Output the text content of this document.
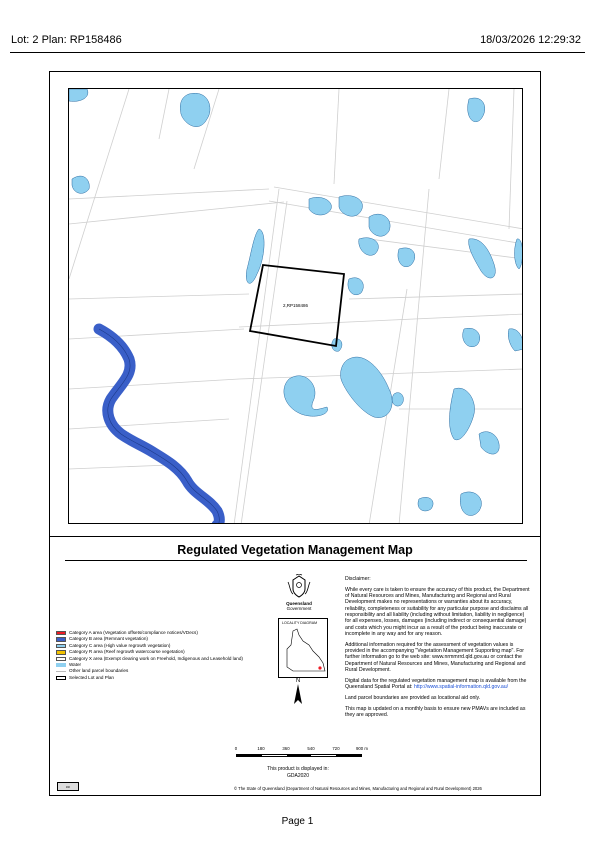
Lot: 2 Plan: RP158486	18/03/2026 12:29:32
2,RP158486
Regulated Vegetation Management Map
Category A area (Vegetation offsets/compliance notices/VDecs)
Category B area (Remnant vegetation)
Category C area (High value regrowth vegetation)
Category R area (Reef regrowth watercourse vegetation)
Category X area (Exempt clearing work on Freehold, Indigenous and Leasehold land)
Water
Other land parcel boundaries
Selected Lot and Plan
Queensland
Government
LOCALITY DIAGRAM
N
0	180	360	540	720	900 m
This product is displayed in:
GDA2020

Disclaimer:

While every care is taken to ensure the accuracy of this product, the Department of Natural Resources and Mines, Manufacturing and Regional and Rural Development makes no representations or warranties about its accuracy, reliability, completeness or suitability for any particular purpose and disclaims all responsibility and all liability (including without limitation, liability in negligence) for all expenses, losses, damages (including indirect or consequential damage) and costs which you might incur as a result of the product being inaccurate or incomplete in any way and for any reason.

Additional information required for the assessment of vegetation values is provided in the accompanying "Vegetation Management Supporting map". For further information go to the web site: www.nrmmrrd.qld.gov.au or contact the Department of Natural Resources and Mines, Manufacturing and Regional and Rural Development.

Digital data for the regulated vegetation management map is available from the Queensland Spatial Portal at: http://www.spatial-information.qld.gov.au/

Land parcel boundaries are provided as locational aid only.

This map is updated on a monthly basis to ensure new PMAVs are included as they are approved.

cc	© The State of Queensland (Department of Natural Resources and Mines, Manufacturing and Regional and Rural Development) 2026
Page 1
